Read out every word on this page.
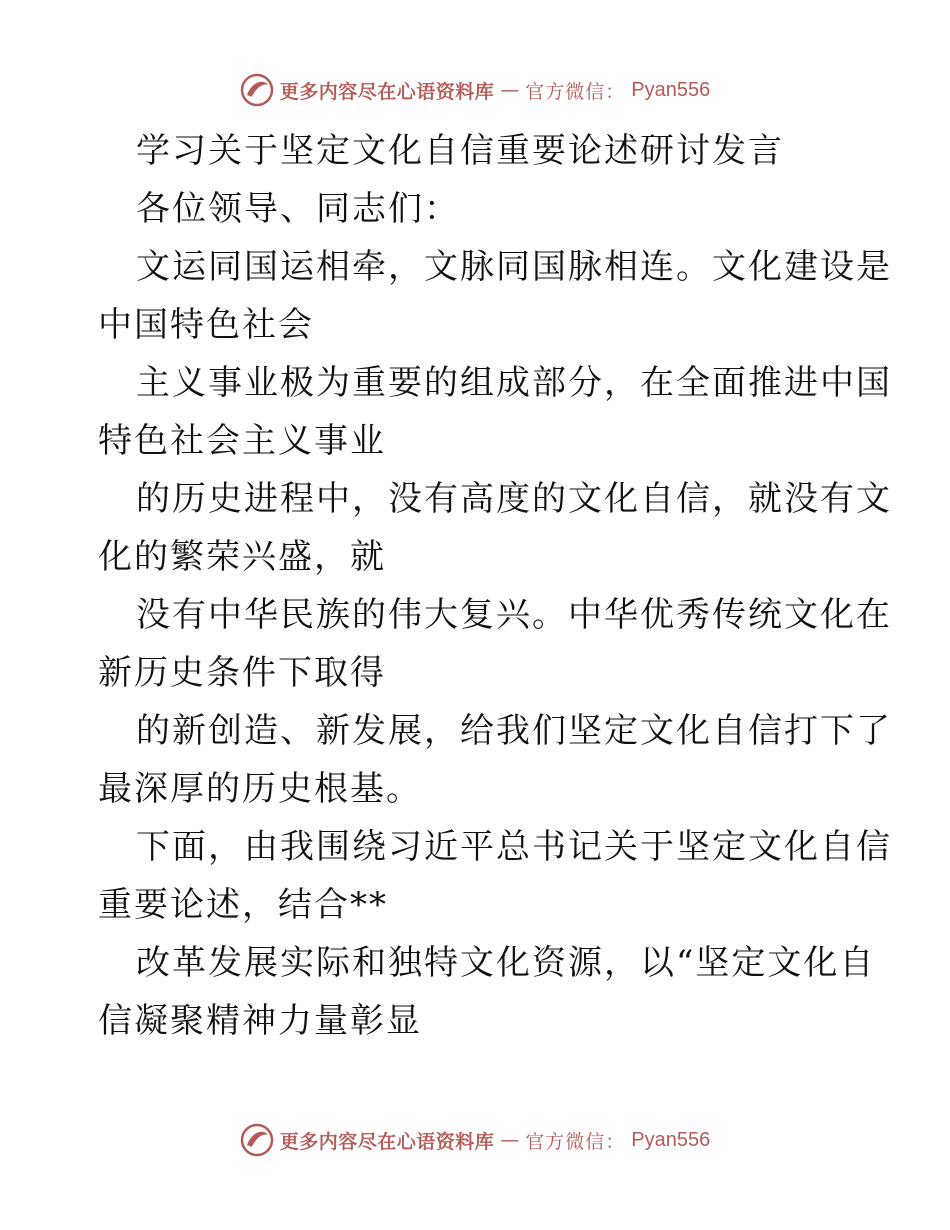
更多内容尽在心语资料库 — 官方微信： Pyan556
学习关于坚定文化自信重要论述研讨发言
各位领导、同志们：
文运同国运相牵，文脉同国脉相连。文化建设是
中国特色社会
主义事业极为重要的组成部分，在全面推进中国
特色社会主义事业
的历史进程中，没有高度的文化自信，就没有文
化的繁荣兴盛，就
没有中华民族的伟大复兴。中华优秀传统文化在
新历史条件下取得
的新创造、新发展，给我们坚定文化自信打下了
最深厚的历史根基。
下面，由我围绕习近平总书记关于坚定文化自信
重要论述，结合**
改革发展实际和独特文化资源，以“坚定文化自
信凝聚精神力量彰显
更多内容尽在心语资料库 — 官方微信： Pyan556
